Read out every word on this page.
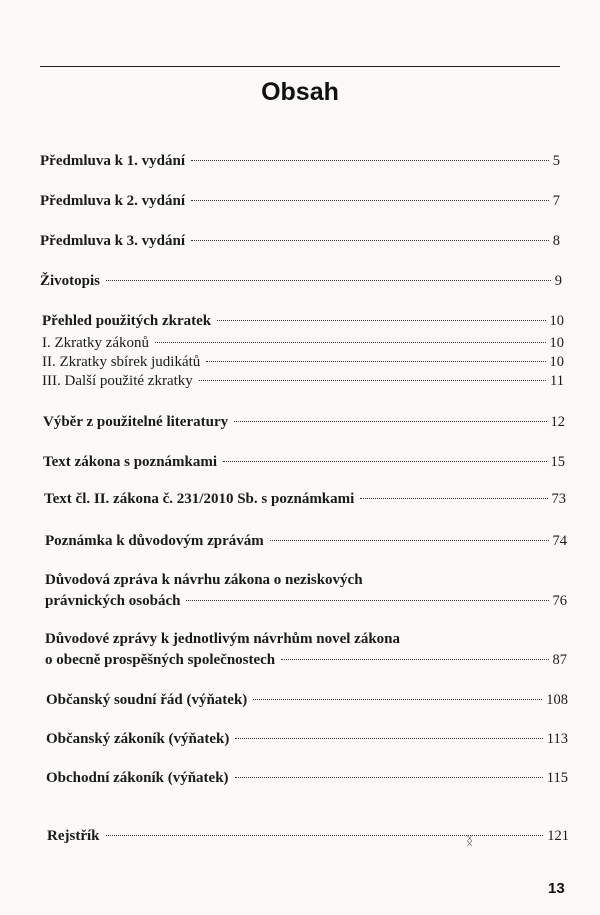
Obsah
Předmluva k 1. vydání	5
Předmluva k 2. vydání	7
Předmluva k 3. vydání	8
Životopis	9
Přehled použitých zkratek	10
I. Zkratky zákonů	10
II. Zkratky sbírek judikátů	10
III. Další použité zkratky	11
Výběr z použitelné literatury	12
Text zákona s poznámkami	15
Text čl. II. zákona č. 231/2010 Sb. s poznámkami	73
Poznámka k důvodovým zprávám	74
Důvodová zpráva k návrhu zákona o neziskových
právnických osobách	76
Důvodové zprávy k jednotlivým návrhům novel zákona
o obecně prospěšných společnostech	87
Občanský soudní řád (výňatek)	108
Občanský zákoník (výňatek)	113
Obchodní zákoník (výňatek)	115
Rejstřík	121
ᛝ
13
